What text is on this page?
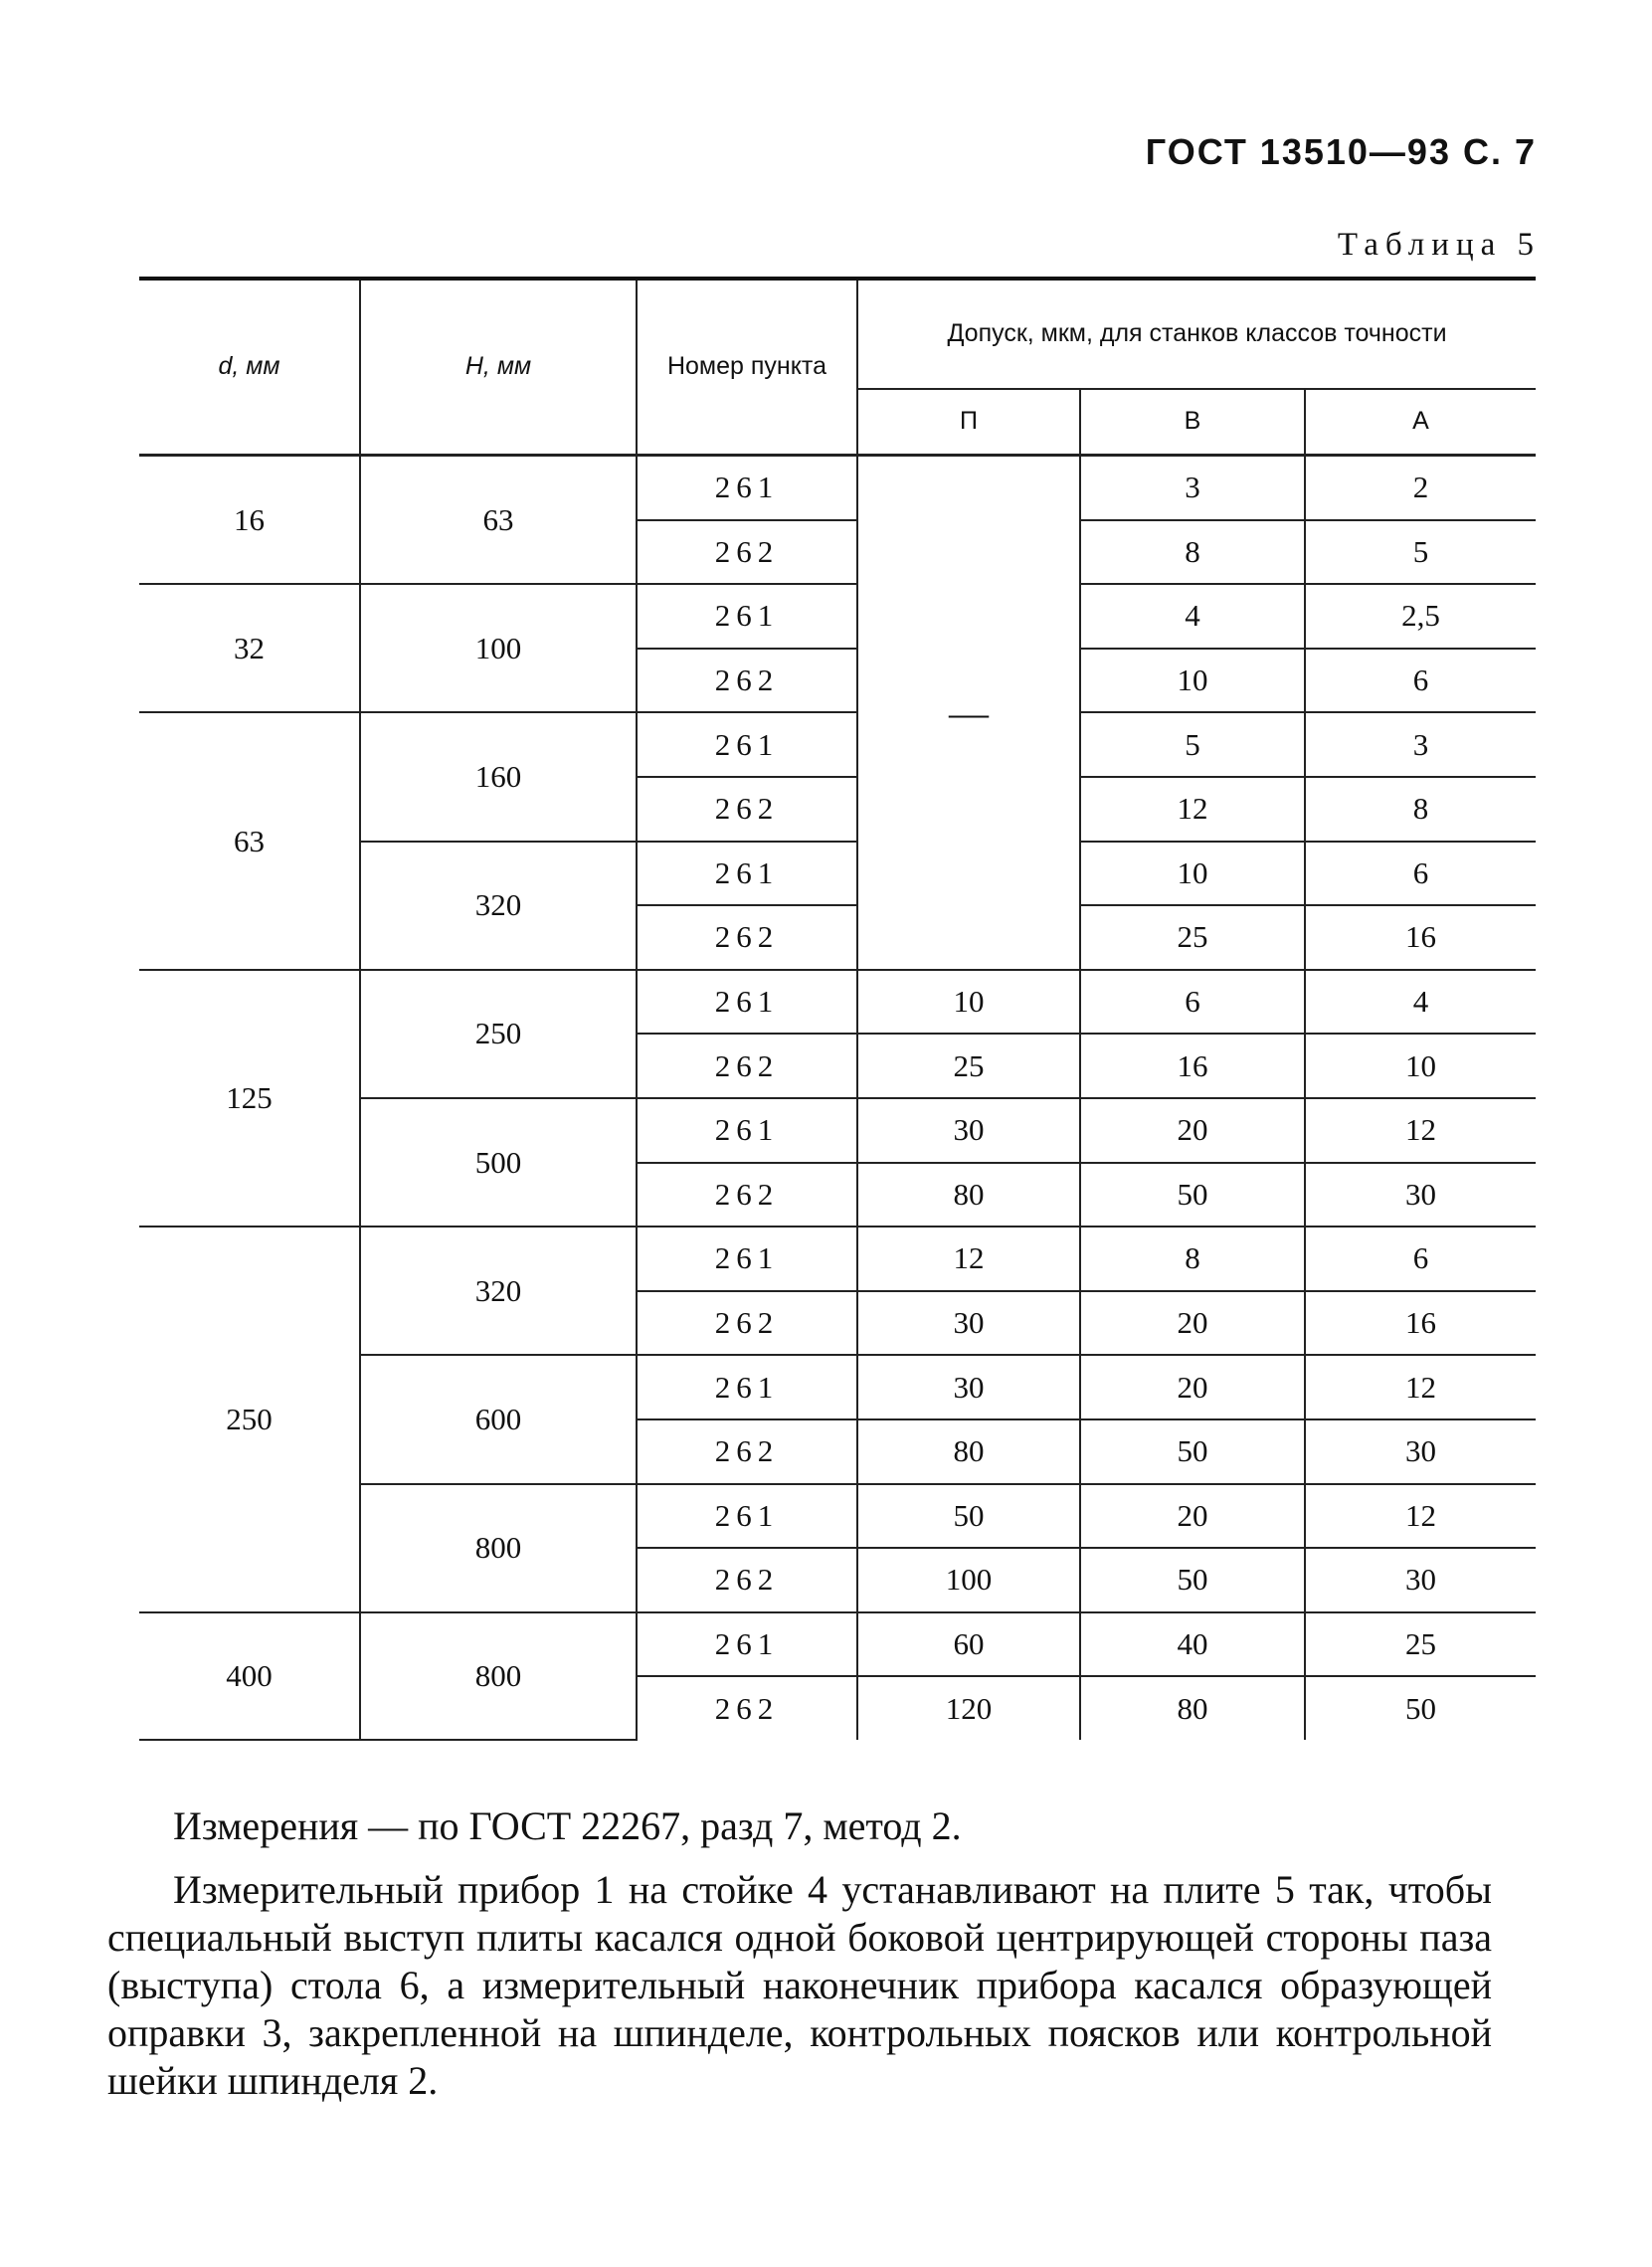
ГОСТ 13510—93 С. 7
Таблица 5
d, мм	H, мм	Номер пункта	Допуск, мкм, для станков классов точности		
			П	В	А
16	63	261	—	3	2
		262		8	5
32	100	261		4	2,5
		262		10	6
63	160	261		5	3
		262		12	8
	320	261		10	6
		262		25	16
125	250	261	10	6	4
		262	25	16	10
	500	261	30	20	12
		262	80	50	30
250	320	261	12	8	6
		262	30	20	16
	600	261	30	20	12
		262	80	50	30
	800	261	50	20	12
		262	100	50	30
400	800	261	60	40	25
		262	120	80	50

Измерения — по ГОСТ 22267, разд 7, метод 2.

Измерительный прибор 1 на стойке 4 устанавливают на плите 5 так, чтобы специальный выступ плиты касался одной боковой центрирующей стороны паза (выступа) стола 6, а измерительный наконечник прибора касался образующей оправки 3, закрепленной на шпинделе, контрольных поясков или контрольной шейки шпинделя 2.
